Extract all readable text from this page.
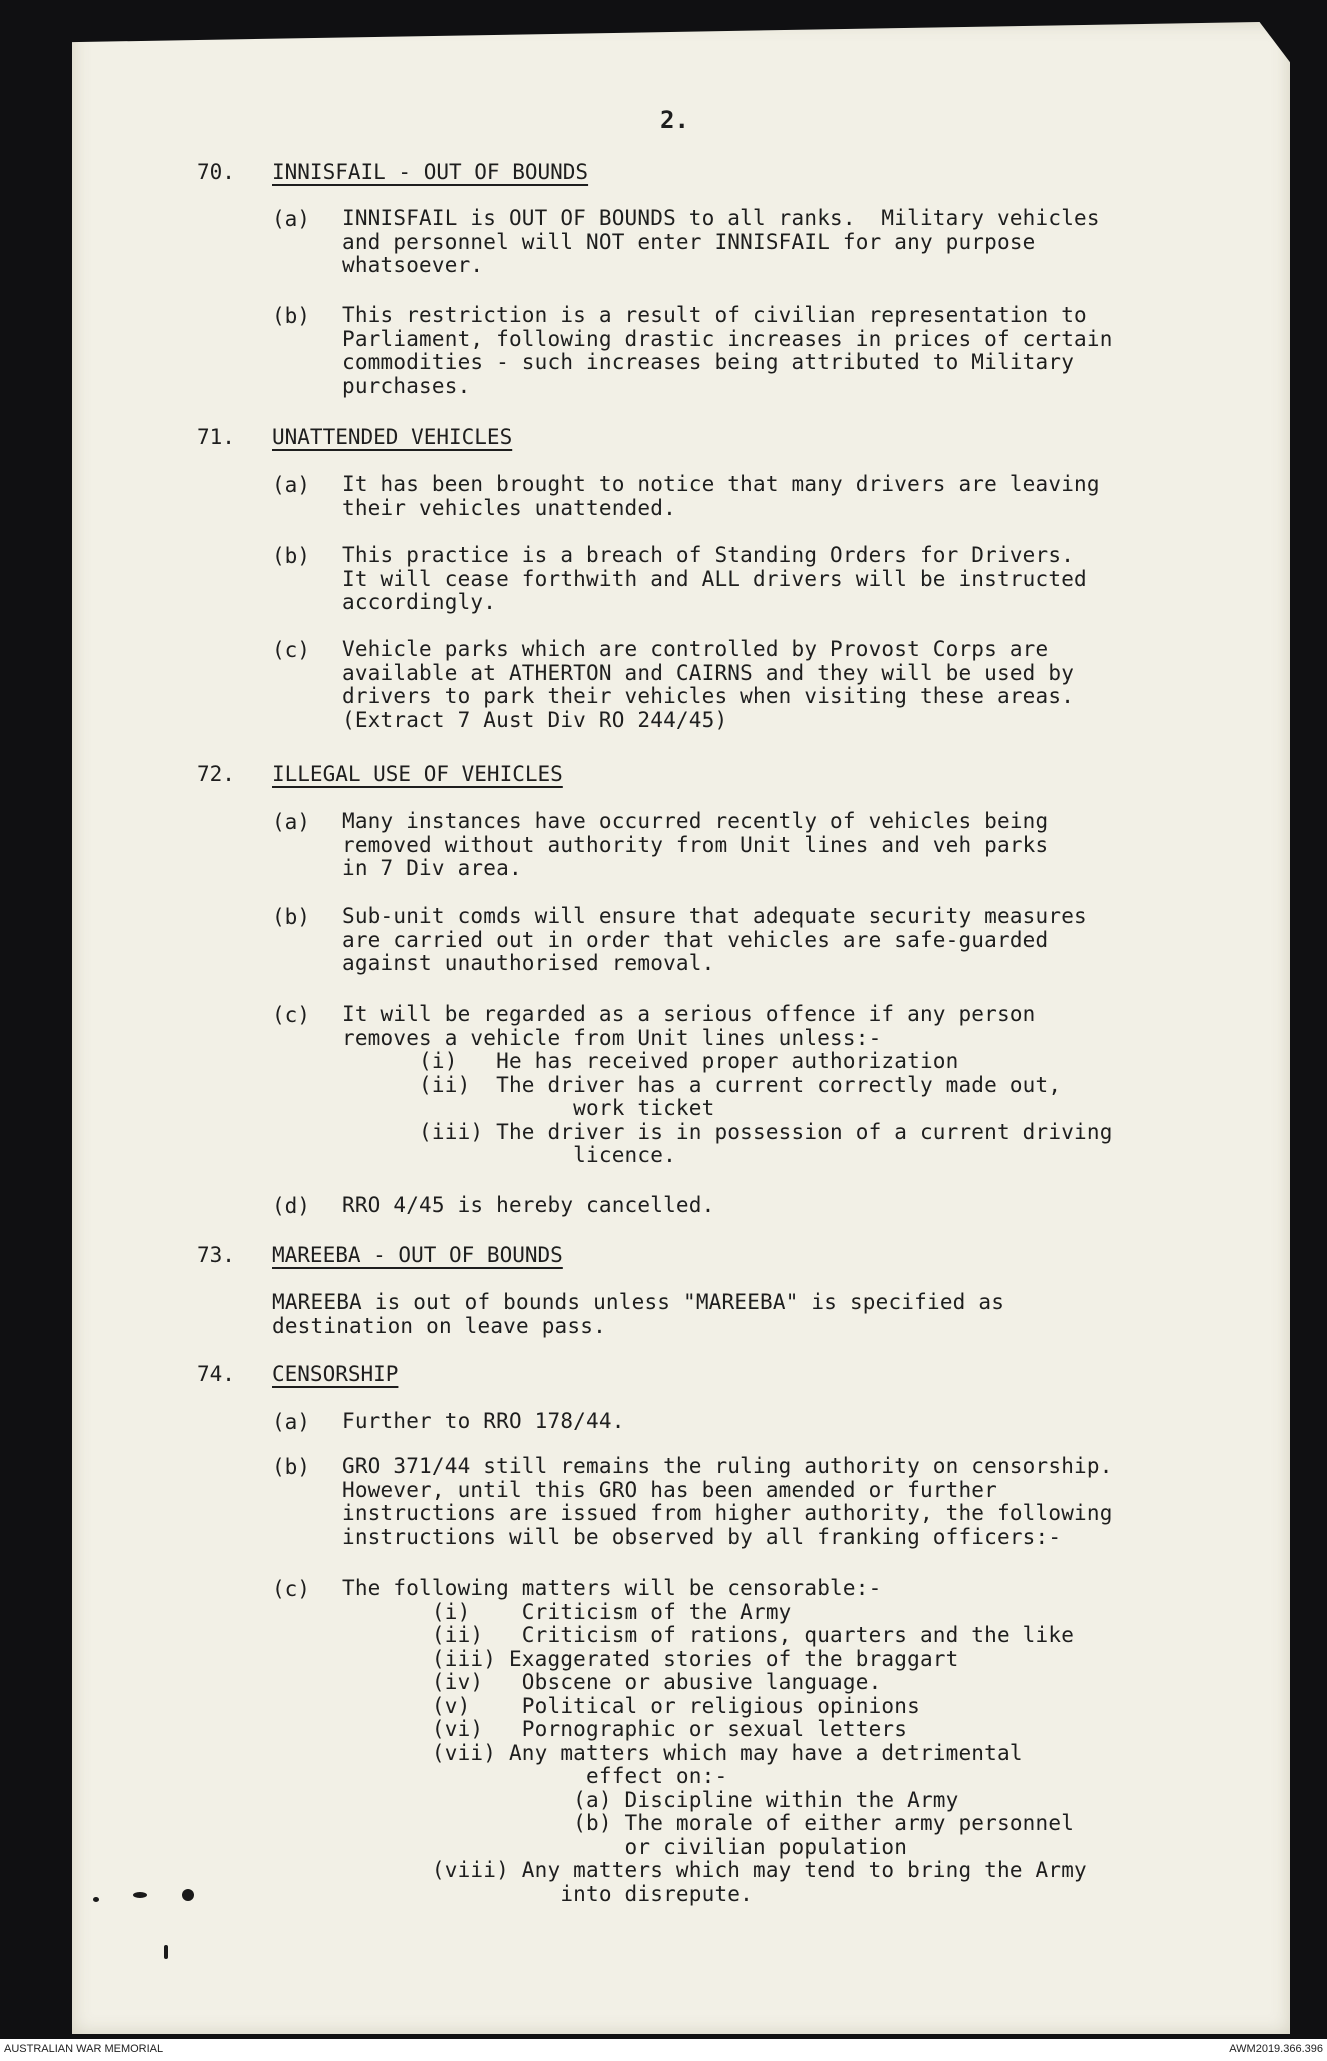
2.
70. INNISFAIL - OUT OF BOUNDS
(a) INNISFAIL is OUT OF BOUNDS to all ranks.  Military vehicles
and personnel will NOT enter INNISFAIL for any purpose
whatsoever.
(b) This restriction is a result of civilian representation to
Parliament, following drastic increases in prices of certain
commodities - such increases being attributed to Military
purchases.
71. UNATTENDED VEHICLES
(a) It has been brought to notice that many drivers are leaving
their vehicles unattended.
(b) This practice is a breach of Standing Orders for Drivers.
It will cease forthwith and ALL drivers will be instructed
accordingly.
(c) Vehicle parks which are controlled by Provost Corps are
available at ATHERTON and CAIRNS and they will be used by
drivers to park their vehicles when visiting these areas.
(Extract 7 Aust Div RO 244/45)
72. ILLEGAL USE OF VEHICLES
(a) Many instances have occurred recently of vehicles being
removed without authority from Unit lines and veh parks
in 7 Div area.
(b) Sub-unit comds will ensure that adequate security measures
are carried out in order that vehicles are safe-guarded
against unauthorised removal.
(c) It will be regarded as a serious offence if any person
removes a vehicle from Unit lines unless:-
(i)   He has received proper authorization
(ii)  The driver has a current correctly made out,
work ticket
(iii) The driver is in possession of a current driving
licence.
(d) RRO 4/45 is hereby cancelled.
73. MAREEBA - OUT OF BOUNDS
MAREEBA is out of bounds unless "MAREEBA" is specified as
destination on leave pass.
74. CENSORSHIP
(a) Further to RRO 178/44.
(b) GRO 371/44 still remains the ruling authority on censorship.
However, until this GRO has been amended or further
instructions are issued from higher authority, the following
instructions will be observed by all franking officers:-
(c) The following matters will be censorable:-
(i)    Criticism of the Army
(ii)   Criticism of rations, quarters and the like
(iii) Exaggerated stories of the braggart
(iv)   Obscene or abusive language.
(v)    Political or religious opinions
(vi)   Pornographic or sexual letters
(vii) Any matters which may have a detrimental
effect on:-
(a) Discipline within the Army
(b) The morale of either army personnel
or civilian population
(viii) Any matters which may tend to bring the Army
into disrepute.
AUSTRALIAN WAR MEMORIAL	AWM2019.366.396
